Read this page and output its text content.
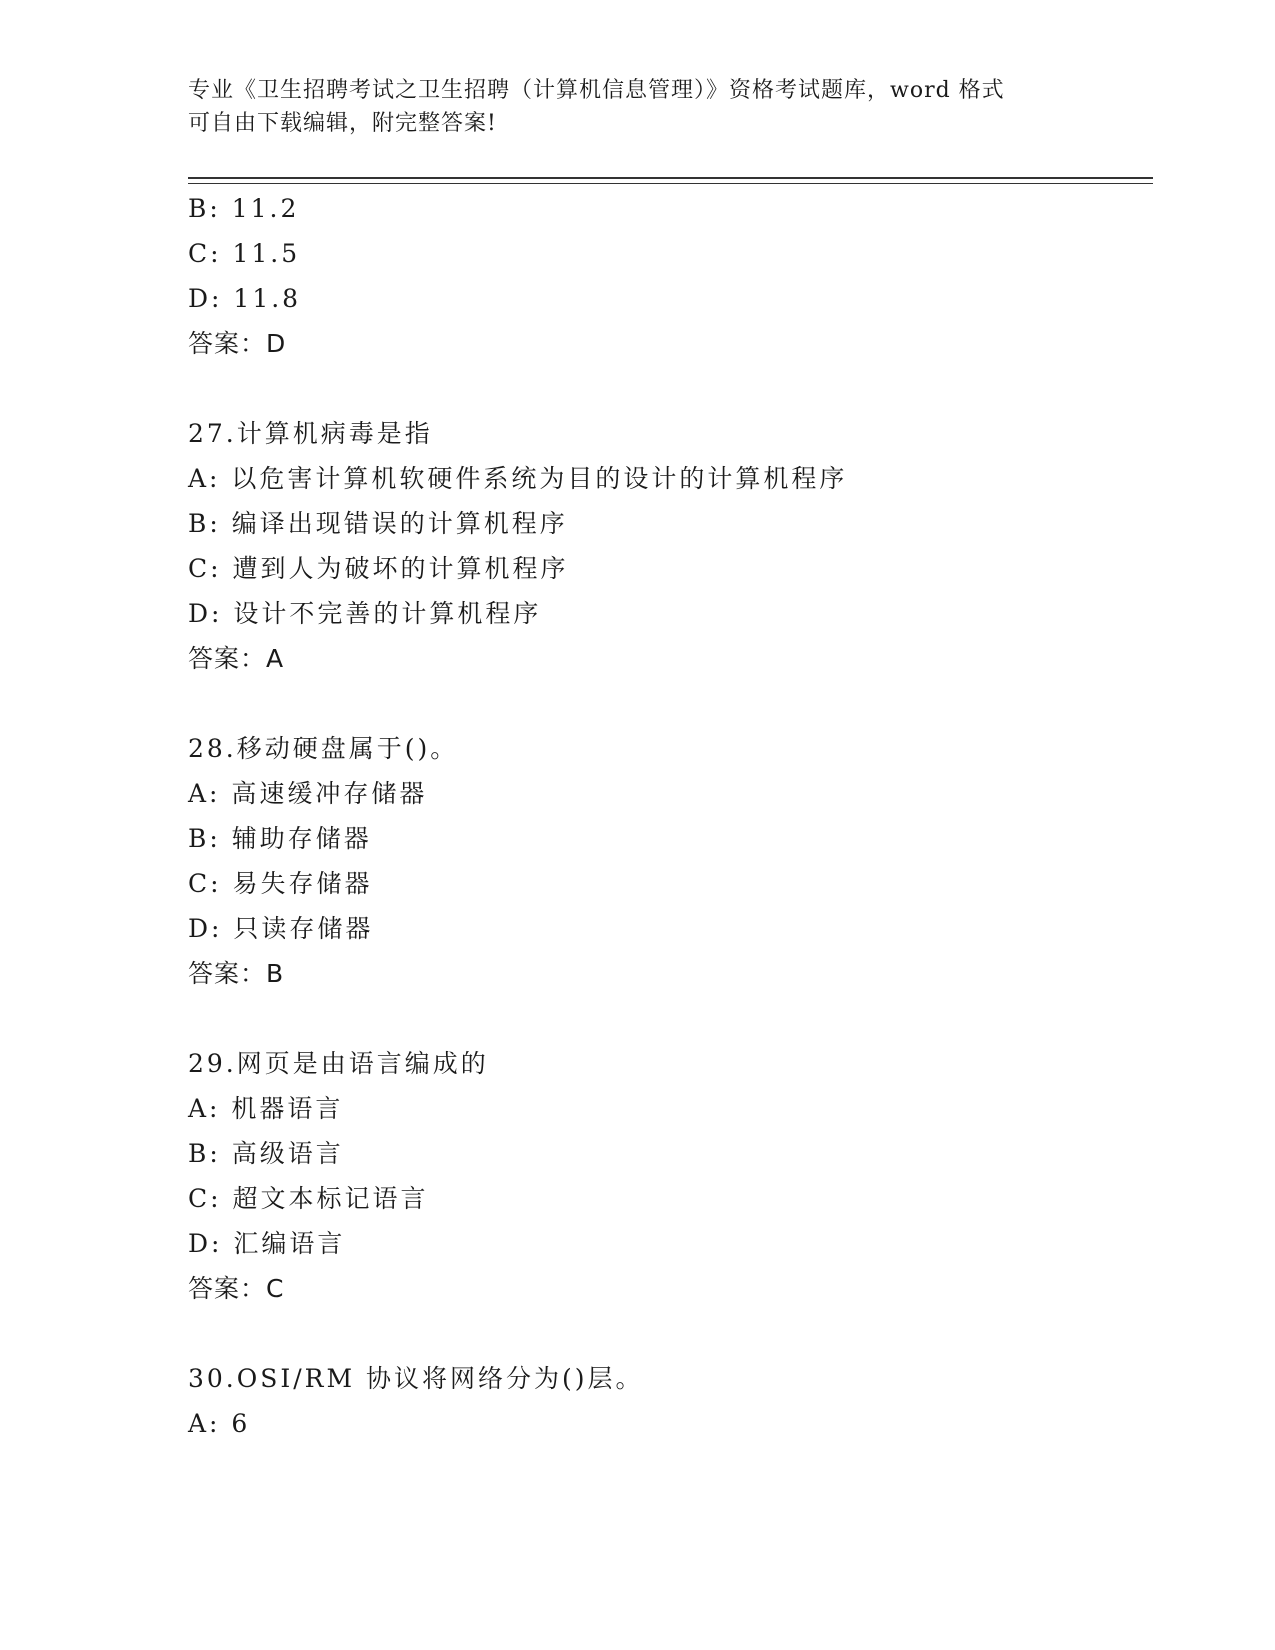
专业《卫生招聘考试之卫生招聘（计算机信息管理）》资格考试题库，word 格式
可自由下载编辑，附完整答案!
B: 11.2
C: 11.5
D: 11.8
答案：D
27.计算机病毒是指
A: 以危害计算机软硬件系统为目的设计的计算机程序
B: 编译出现错误的计算机程序
C: 遭到人为破坏的计算机程序
D: 设计不完善的计算机程序
答案：A
28.移动硬盘属于()。
A: 高速缓冲存储器
B: 辅助存储器
C: 易失存储器
D: 只读存储器
答案：B
29.网页是由语言编成的
A: 机器语言
B: 高级语言
C: 超文本标记语言
D: 汇编语言
答案：C
30.OSI/RM 协议将网络分为()层。
A: 6
